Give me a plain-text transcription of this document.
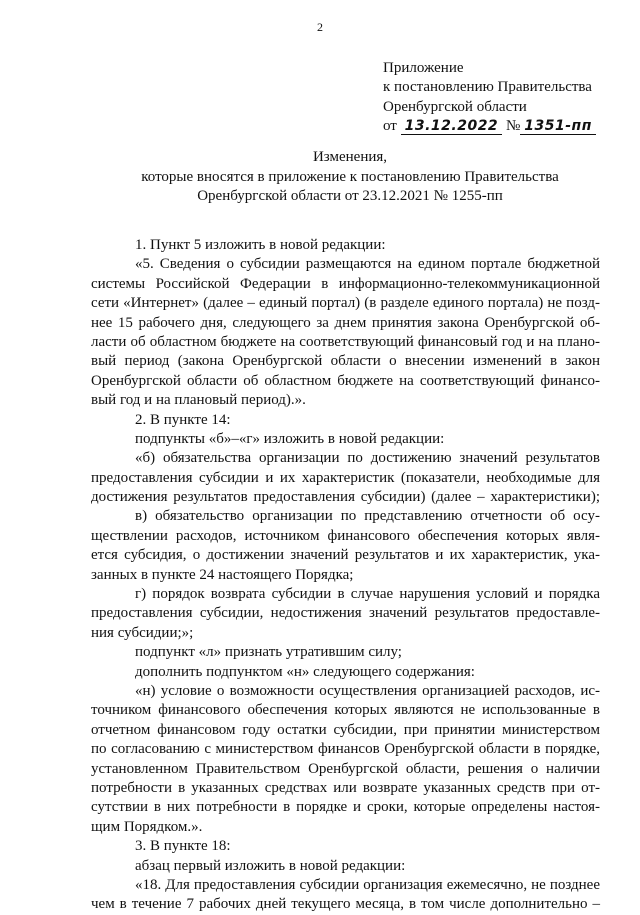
2
Приложение
к постановлению Правительства
Оренбургской области
от 13.12.2022 № 1351-пп
Изменения,
которые вносятся в приложение к постановлению Правительства
Оренбургской области от 23.12.2021 № 1255-пп
1. Пункт 5 изложить в новой редакции:
«5. Сведения о субсидии размещаются на едином портале бюджетной
системы Российской Федерации в информационно-телекоммуникационной
сети «Интернет» (далее – единый портал) (в разделе единого портала) не позд-
нее 15 рабочего дня, следующего за днем принятия закона Оренбургской об-
ласти об областном бюджете на соответствующий финансовый год и на плано-
вый период (закона Оренбургской области о внесении изменений в закон
Оренбургской области об областном бюджете на соответствующий финансо-
вый год и на плановый период).».
2. В пункте 14:
подпункты «б»–«г» изложить в новой редакции:
«б) обязательства организации по достижению значений результатов
предоставления субсидии и их характеристик (показатели, необходимые для
достижения результатов предоставления субсидии) (далее – характеристики);
в) обязательство организации по представлению отчетности об осу-
ществлении расходов, источником финансового обеспечения которых явля-
ется субсидия, о достижении значений результатов и их характеристик, ука-
занных в пункте 24 настоящего Порядка;
г) порядок возврата субсидии в случае нарушения условий и порядка
предоставления субсидии, недостижения значений результатов предоставле-
ния субсидии;»;
подпункт «л» признать утратившим силу;
дополнить подпунктом «н» следующего содержания:
«н) условие о возможности осуществления организацией расходов, ис-
точником финансового обеспечения которых являются не использованные в
отчетном финансовом году остатки субсидии, при принятии министерством
по согласованию с министерством финансов Оренбургской области в порядке,
установленном Правительством Оренбургской области, решения о наличии
потребности в указанных средствах или возврате указанных средств при от-
сутствии в них потребности в порядке и сроки, которые определены настоя-
щим Порядком.».
3. В пункте 18:
абзац первый изложить в новой редакции:
«18. Для предоставления субсидии организация ежемесячно, не позднее
чем в течение 7 рабочих дней текущего месяца, в том числе дополнительно –
